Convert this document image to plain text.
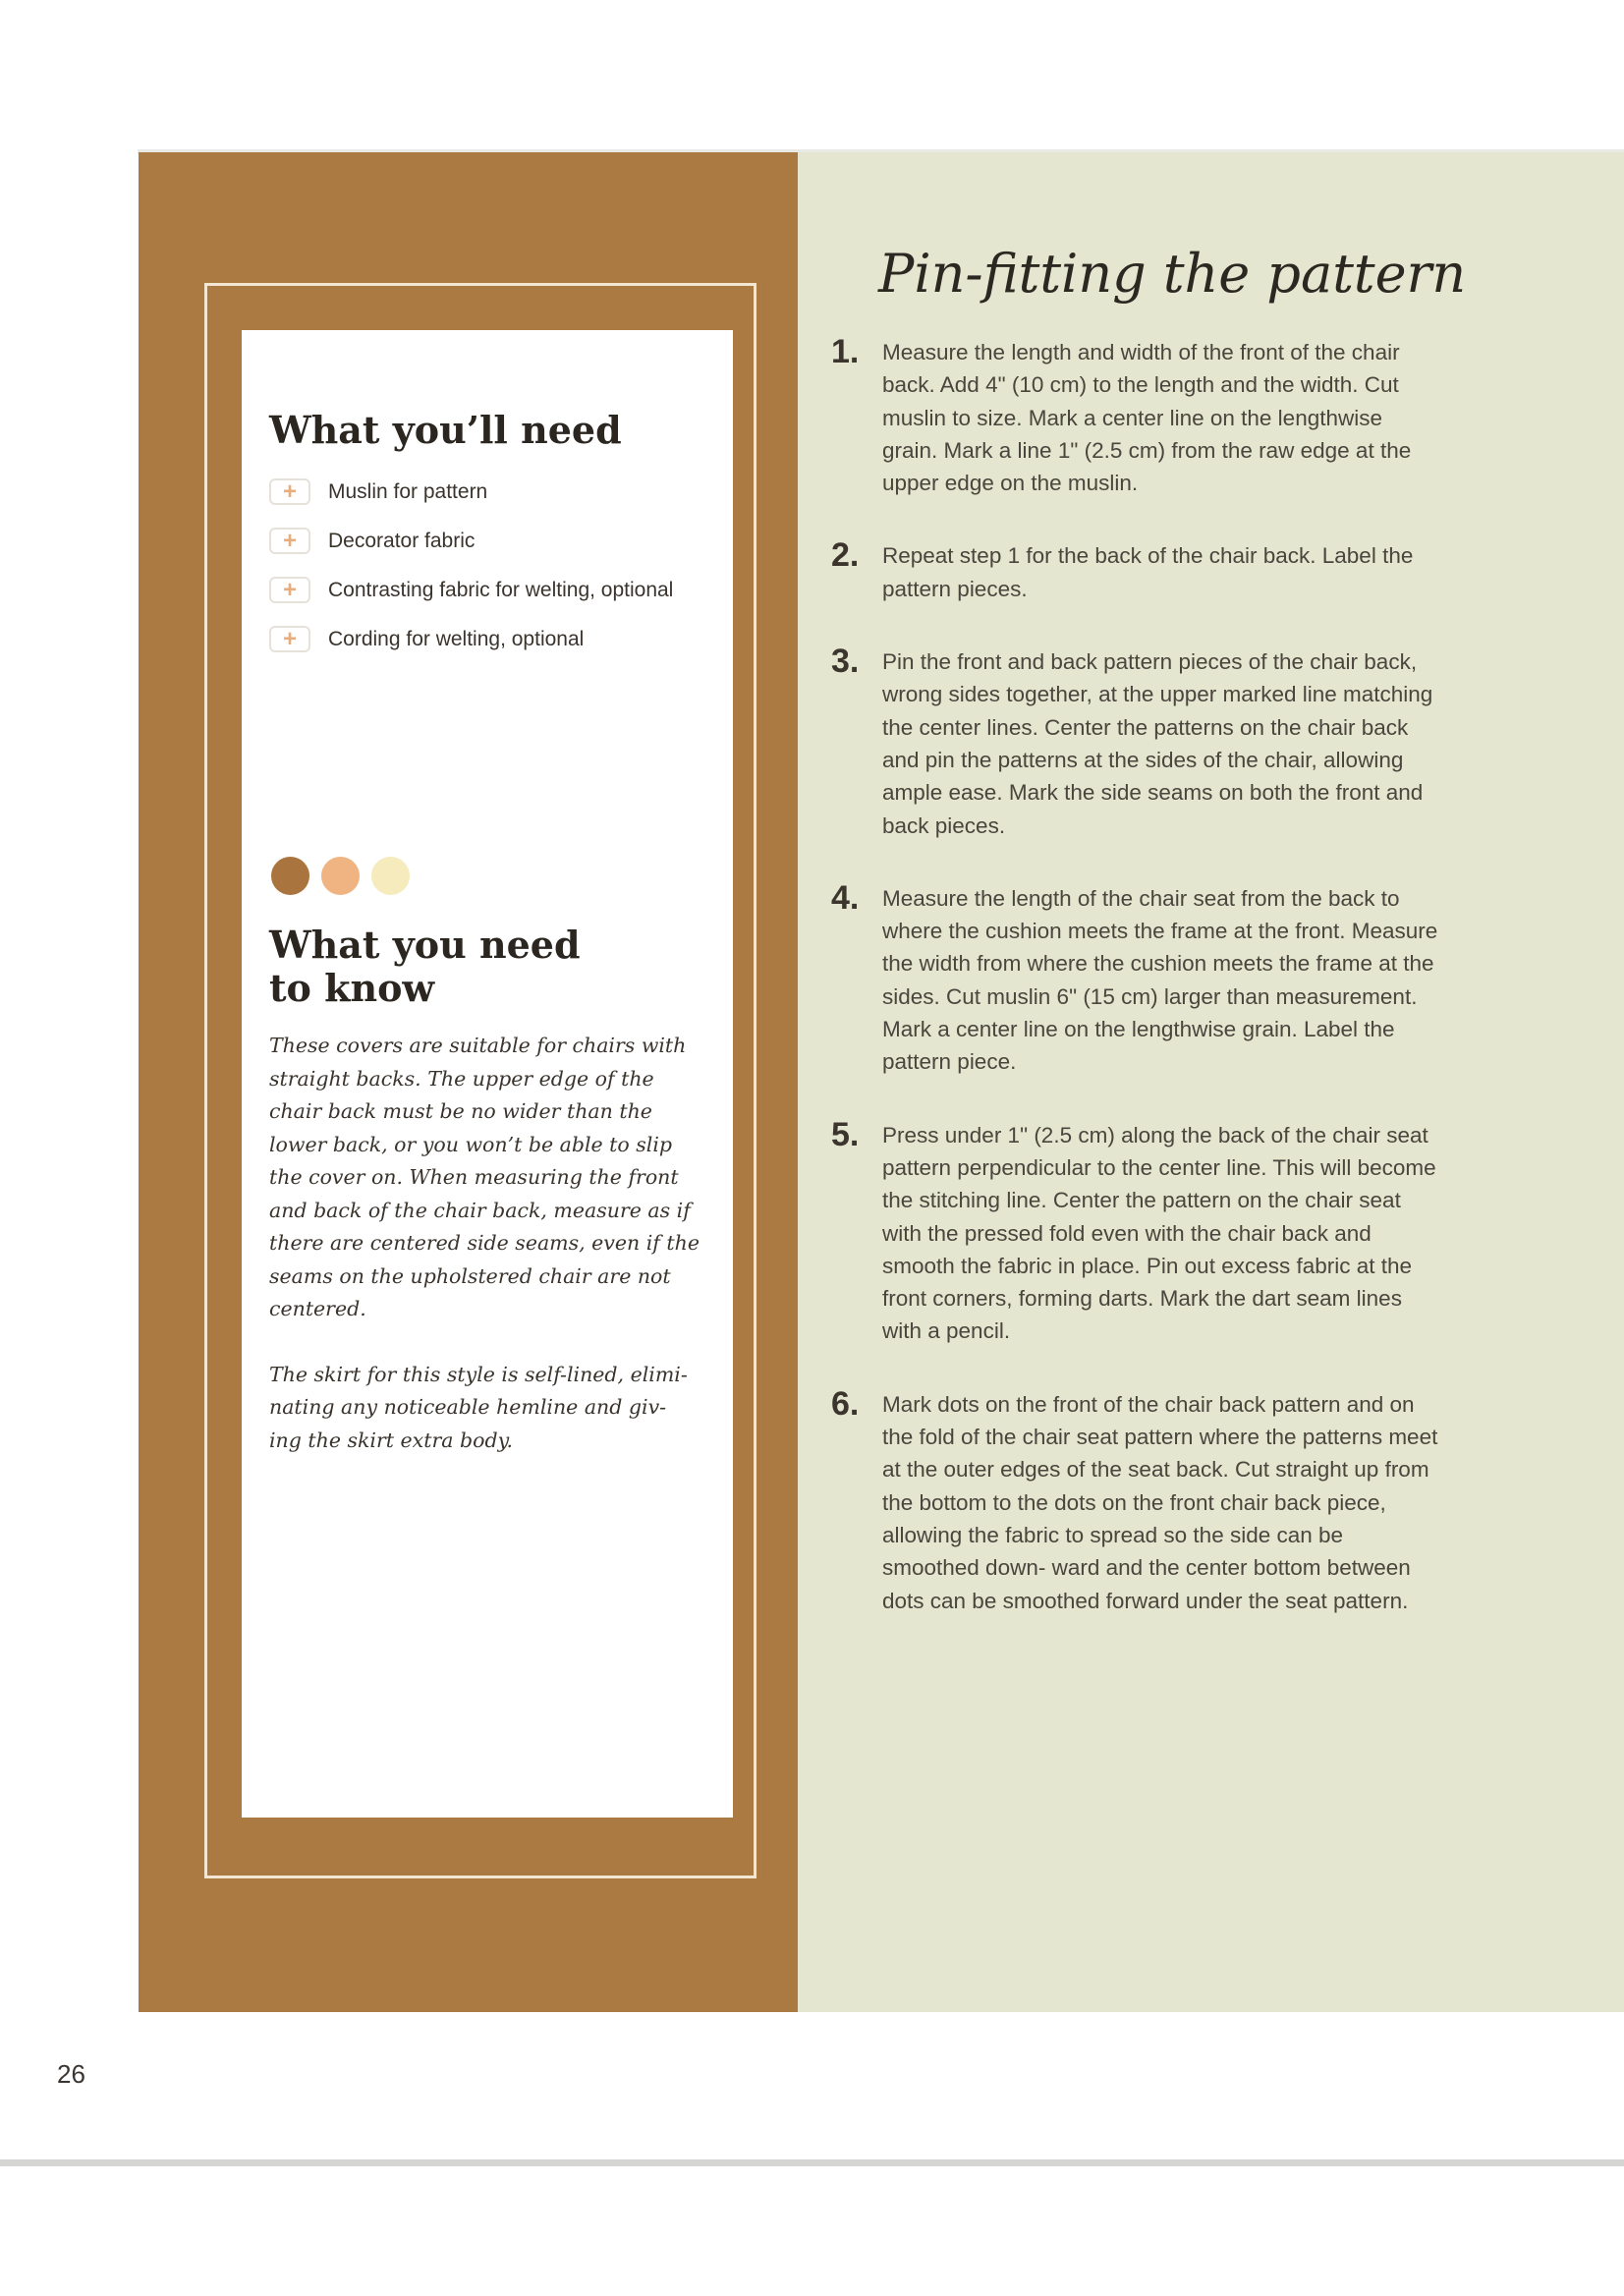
What you’ll need
+ Muslin for pattern
+ Decorator fabric
+ Contrasting fabric for welting, optional
+ Cording for welting, optional
What you need
to know

These covers are suitable for chairs with straight backs. The upper edge of the chair back must be no wider than the lower back, or you won’t be able to slip the cover on. When measuring the front and back of the chair back, measure as if there are centered side seams, even if the seams on the upholstered chair are not centered.

The skirt for this style is self-lined, elimi- nating any noticeable hemline and giv- ing the skirt extra body.

Pin-fitting the pattern
1.	Measure the length and width of the front of the chair back. Add 4" (10 cm) to the length and the width. Cut muslin to size. Mark a center line on the lengthwise grain. Mark a line 1" (2.5 cm) from the raw edge at the upper edge on the muslin.
2.	Repeat step 1 for the back of the chair back. Label the pattern pieces.
3.	Pin the front and back pattern pieces of the chair back, wrong sides together, at the upper marked line matching the center lines. Center the patterns on the chair back and pin the patterns at the sides of the chair, allowing ample ease. Mark the side seams on both the front and back pieces.
4.	Measure the length of the chair seat from the back to where the cushion meets the frame at the front. Measure the width from where the cushion meets the frame at the sides. Cut muslin 6" (15 cm) larger than measurement. Mark a center line on the lengthwise grain. Label the pattern piece.
5.	Press under 1" (2.5 cm) along the back of the chair seat pattern perpendicular to the center line. This will become the stitching line. Center the pattern on the chair seat with the pressed fold even with the chair back and smooth the fabric in place. Pin out excess fabric at the front corners, forming darts. Mark the dart seam lines with a pencil.
6.	Mark dots on the front of the chair back pattern and on the fold of the chair seat pattern where the patterns meet at the outer edges of the seat back. Cut straight up from the bottom to the dots on the front chair back piece, allowing the fabric to spread so the side can be smoothed down- ward and the center bottom between dots can be smoothed forward under the seat pattern.

26
